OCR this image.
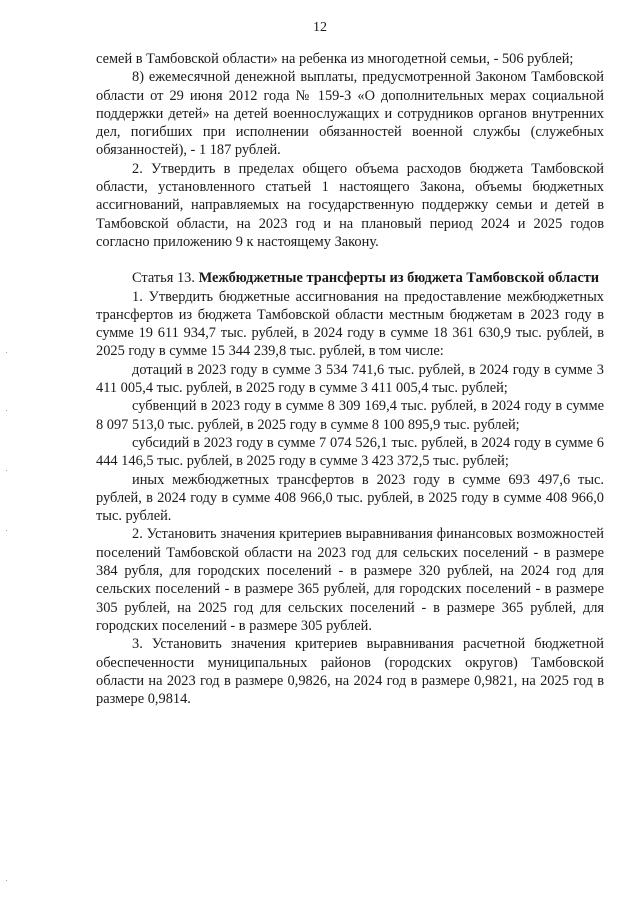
12

семей в Тамбовской области» на ребенка из многодетной семьи, - 506 рублей;

8) ежемесячной денежной выплаты, предусмотренной Законом Тамбовской области от 29 июня 2012 года № 159-З «О дополнительных мерах социальной поддержки детей» на детей военнослужащих и сотрудников органов внутренних дел, погибших при исполнении обязанностей военной службы (служебных обязанностей), - 1 187 рублей.

2. Утвердить в пределах общего объема расходов бюджета Тамбовской области, установленного статьей 1 настоящего Закона, объемы бюджетных ассигнований, направляемых на государственную поддержку семьи и детей в Тамбовской области, на 2023 год и на плановый период 2024 и 2025 годов согласно приложению 9 к настоящему Закону.

Статья 13. Межбюджетные трансферты из бюджета Тамбовской области

1. Утвердить бюджетные ассигнования на предоставление межбюджетных трансфертов из бюджета Тамбовской области местным бюджетам в 2023 году в сумме 19 611 934,7 тыс. рублей, в 2024 году в сумме 18 361 630,9 тыс. рублей, в 2025 году в сумме 15 344 239,8 тыс. рублей, в том числе:

дотаций в 2023 году в сумме 3 534 741,6 тыс. рублей, в 2024 году в сумме 3 411 005,4 тыс. рублей, в 2025 году в сумме 3 411 005,4 тыс. рублей;

субвенций в 2023 году в сумме 8 309 169,4 тыс. рублей, в 2024 году в сумме 8 097 513,0 тыс. рублей, в 2025 году в сумме 8 100 895,9 тыс. рублей;

субсидий в 2023 году в сумме 7 074 526,1 тыс. рублей, в 2024 году в сумме 6 444 146,5 тыс. рублей, в 2025 году в сумме 3 423 372,5 тыс. рублей;

иных межбюджетных трансфертов в 2023 году в сумме 693 497,6 тыс. рублей, в 2024 году в сумме 408 966,0 тыс. рублей, в 2025 году в сумме 408 966,0 тыс. рублей.

2. Установить значения критериев выравнивания финансовых возможностей поселений Тамбовской области на 2023 год для сельских поселений - в размере 384 рубля, для городских поселений - в размере 320 рублей, на 2024 год для сельских поселений - в размере 365 рублей, для городских поселений - в размере 305 рублей, на 2025 год для сельских поселений - в размере 365 рублей, для городских поселений - в размере 305 рублей.

3. Установить значения критериев выравнивания расчетной бюджетной обеспеченности муниципальных районов (городских округов) Тамбовской области на 2023 год в размере 0,9826, на 2024 год в размере 0,9821, на 2025 год в размере 0,9814.
